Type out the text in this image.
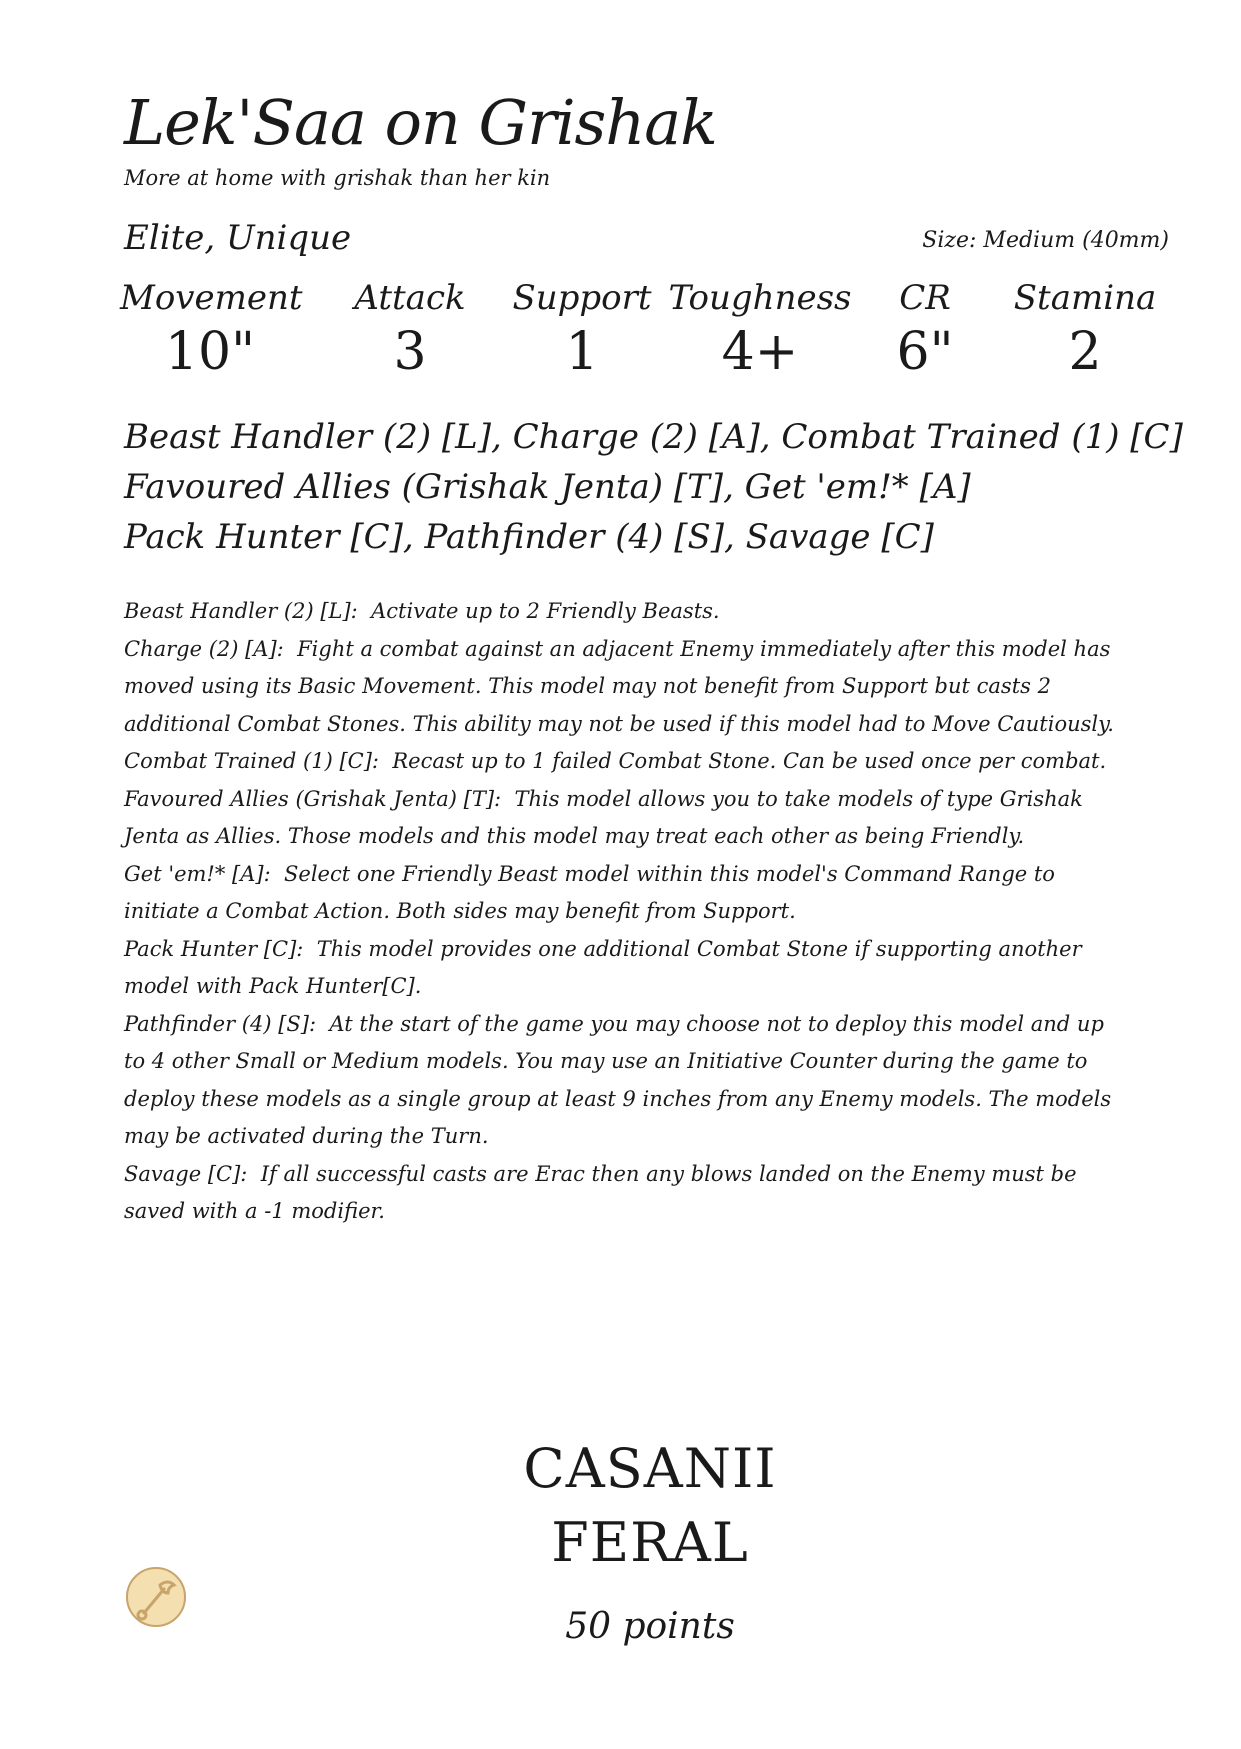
Lek'Saa on Grishak
More at home with grishak than her kin
Elite, Unique	Size: Medium (40mm)
Movement
10"
Attack
3
Support
1
Toughness
4+
CR
6"
Stamina
2
Beast Handler (2) [L], Charge (2) [A], Combat Trained (1) [C]
Favoured Allies (Grishak Jenta) [T], Get 'em!* [A]
Pack Hunter [C], Pathfinder (4) [S], Savage [C]

Beast Handler (2) [L]: Activate up to 2 Friendly Beasts.

Charge (2) [A]: Fight a combat against an adjacent Enemy immediately after this model has moved using its Basic Movement. This model may not benefit from Support but casts 2 additional Combat Stones. This ability may not be used if this model had to Move Cautiously.

Combat Trained (1) [C]: Recast up to 1 failed Combat Stone. Can be used once per combat.

Favoured Allies (Grishak Jenta) [T]: This model allows you to take models of type Grishak Jenta as Allies. Those models and this model may treat each other as being Friendly.

Get 'em!* [A]: Select one Friendly Beast model within this model's Command Range to initiate a Combat Action. Both sides may benefit from Support.

Pack Hunter [C]: This model provides one additional Combat Stone if supporting another model with Pack Hunter[C].

Pathfinder (4) [S]: At the start of the game you may choose not to deploy this model and up to 4 other Small or Medium models. You may use an Initiative Counter during the game to deploy these models as a single group at least 9 inches from any Enemy models. The models may be activated during the Turn.

Savage [C]: If all successful casts are Erac then any blows landed on the Enemy must be saved with a -1 modifier.

CASANII
FERAL
50 points
